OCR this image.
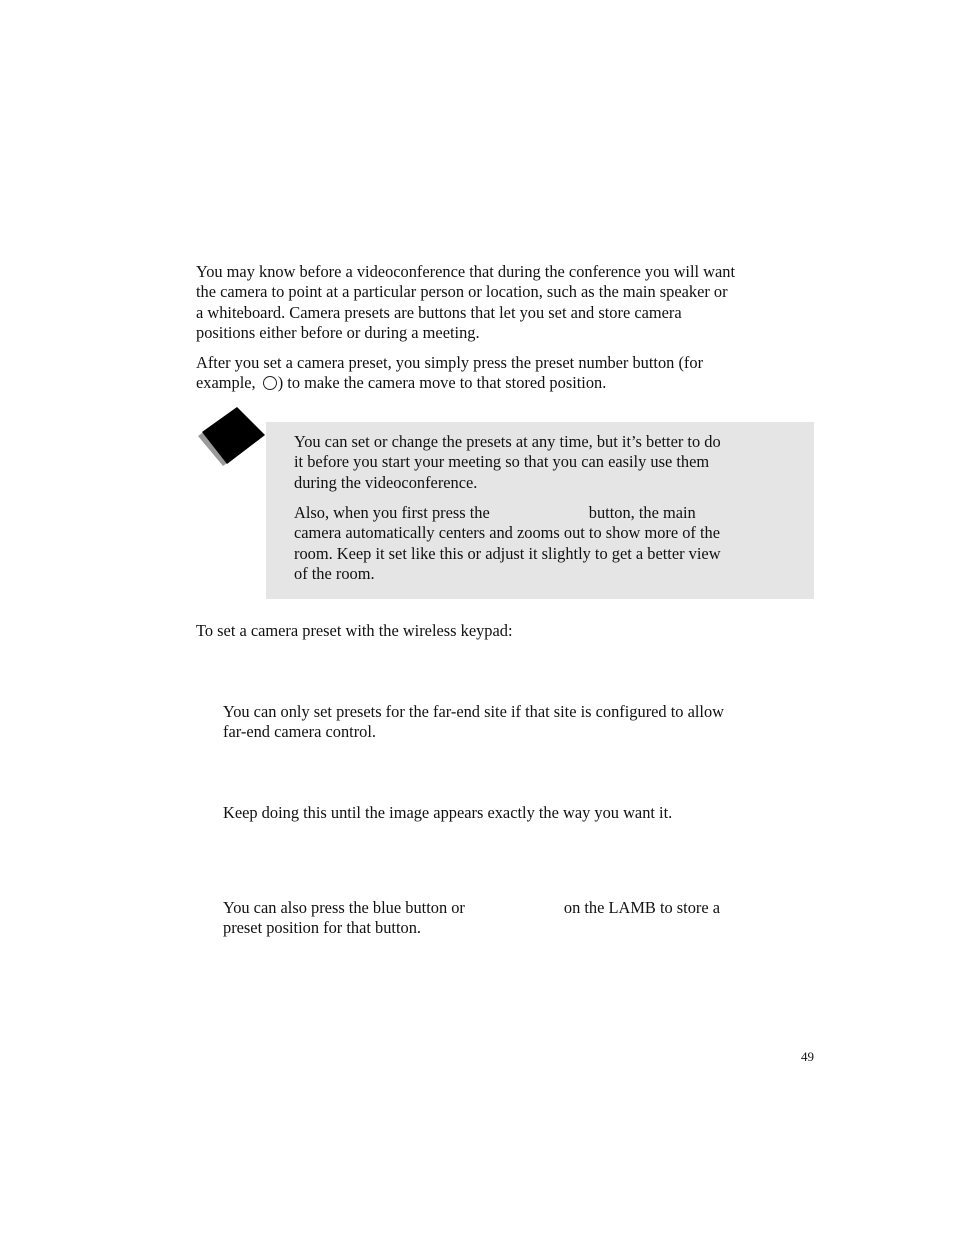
You may know before a videoconference that during the conference you will want
the camera to point at a particular person or location, such as the main speaker or
a whiteboard. Camera presets are buttons that let you set and store camera
positions either before or during a meeting.
After you set a camera preset, you simply press the preset number button (for
example, ) to make the camera move to that stored position.
You can set or change the presets at any time, but it’s better to do
it before you start your meeting so that you can easily use them
during the videoconference.
Also, when you first press the	button, the main
camera automatically centers and zooms out to show more of the
room. Keep it set like this or adjust it slightly to get a better view
of the room.
To set a camera preset with the wireless keypad:
You can only set presets for the far-end site if that site is configured to allow
far-end camera control.
Keep doing this until the image appears exactly the way you want it.
You can also press the blue button or	on the LAMB to store a
preset position for that button.
49
